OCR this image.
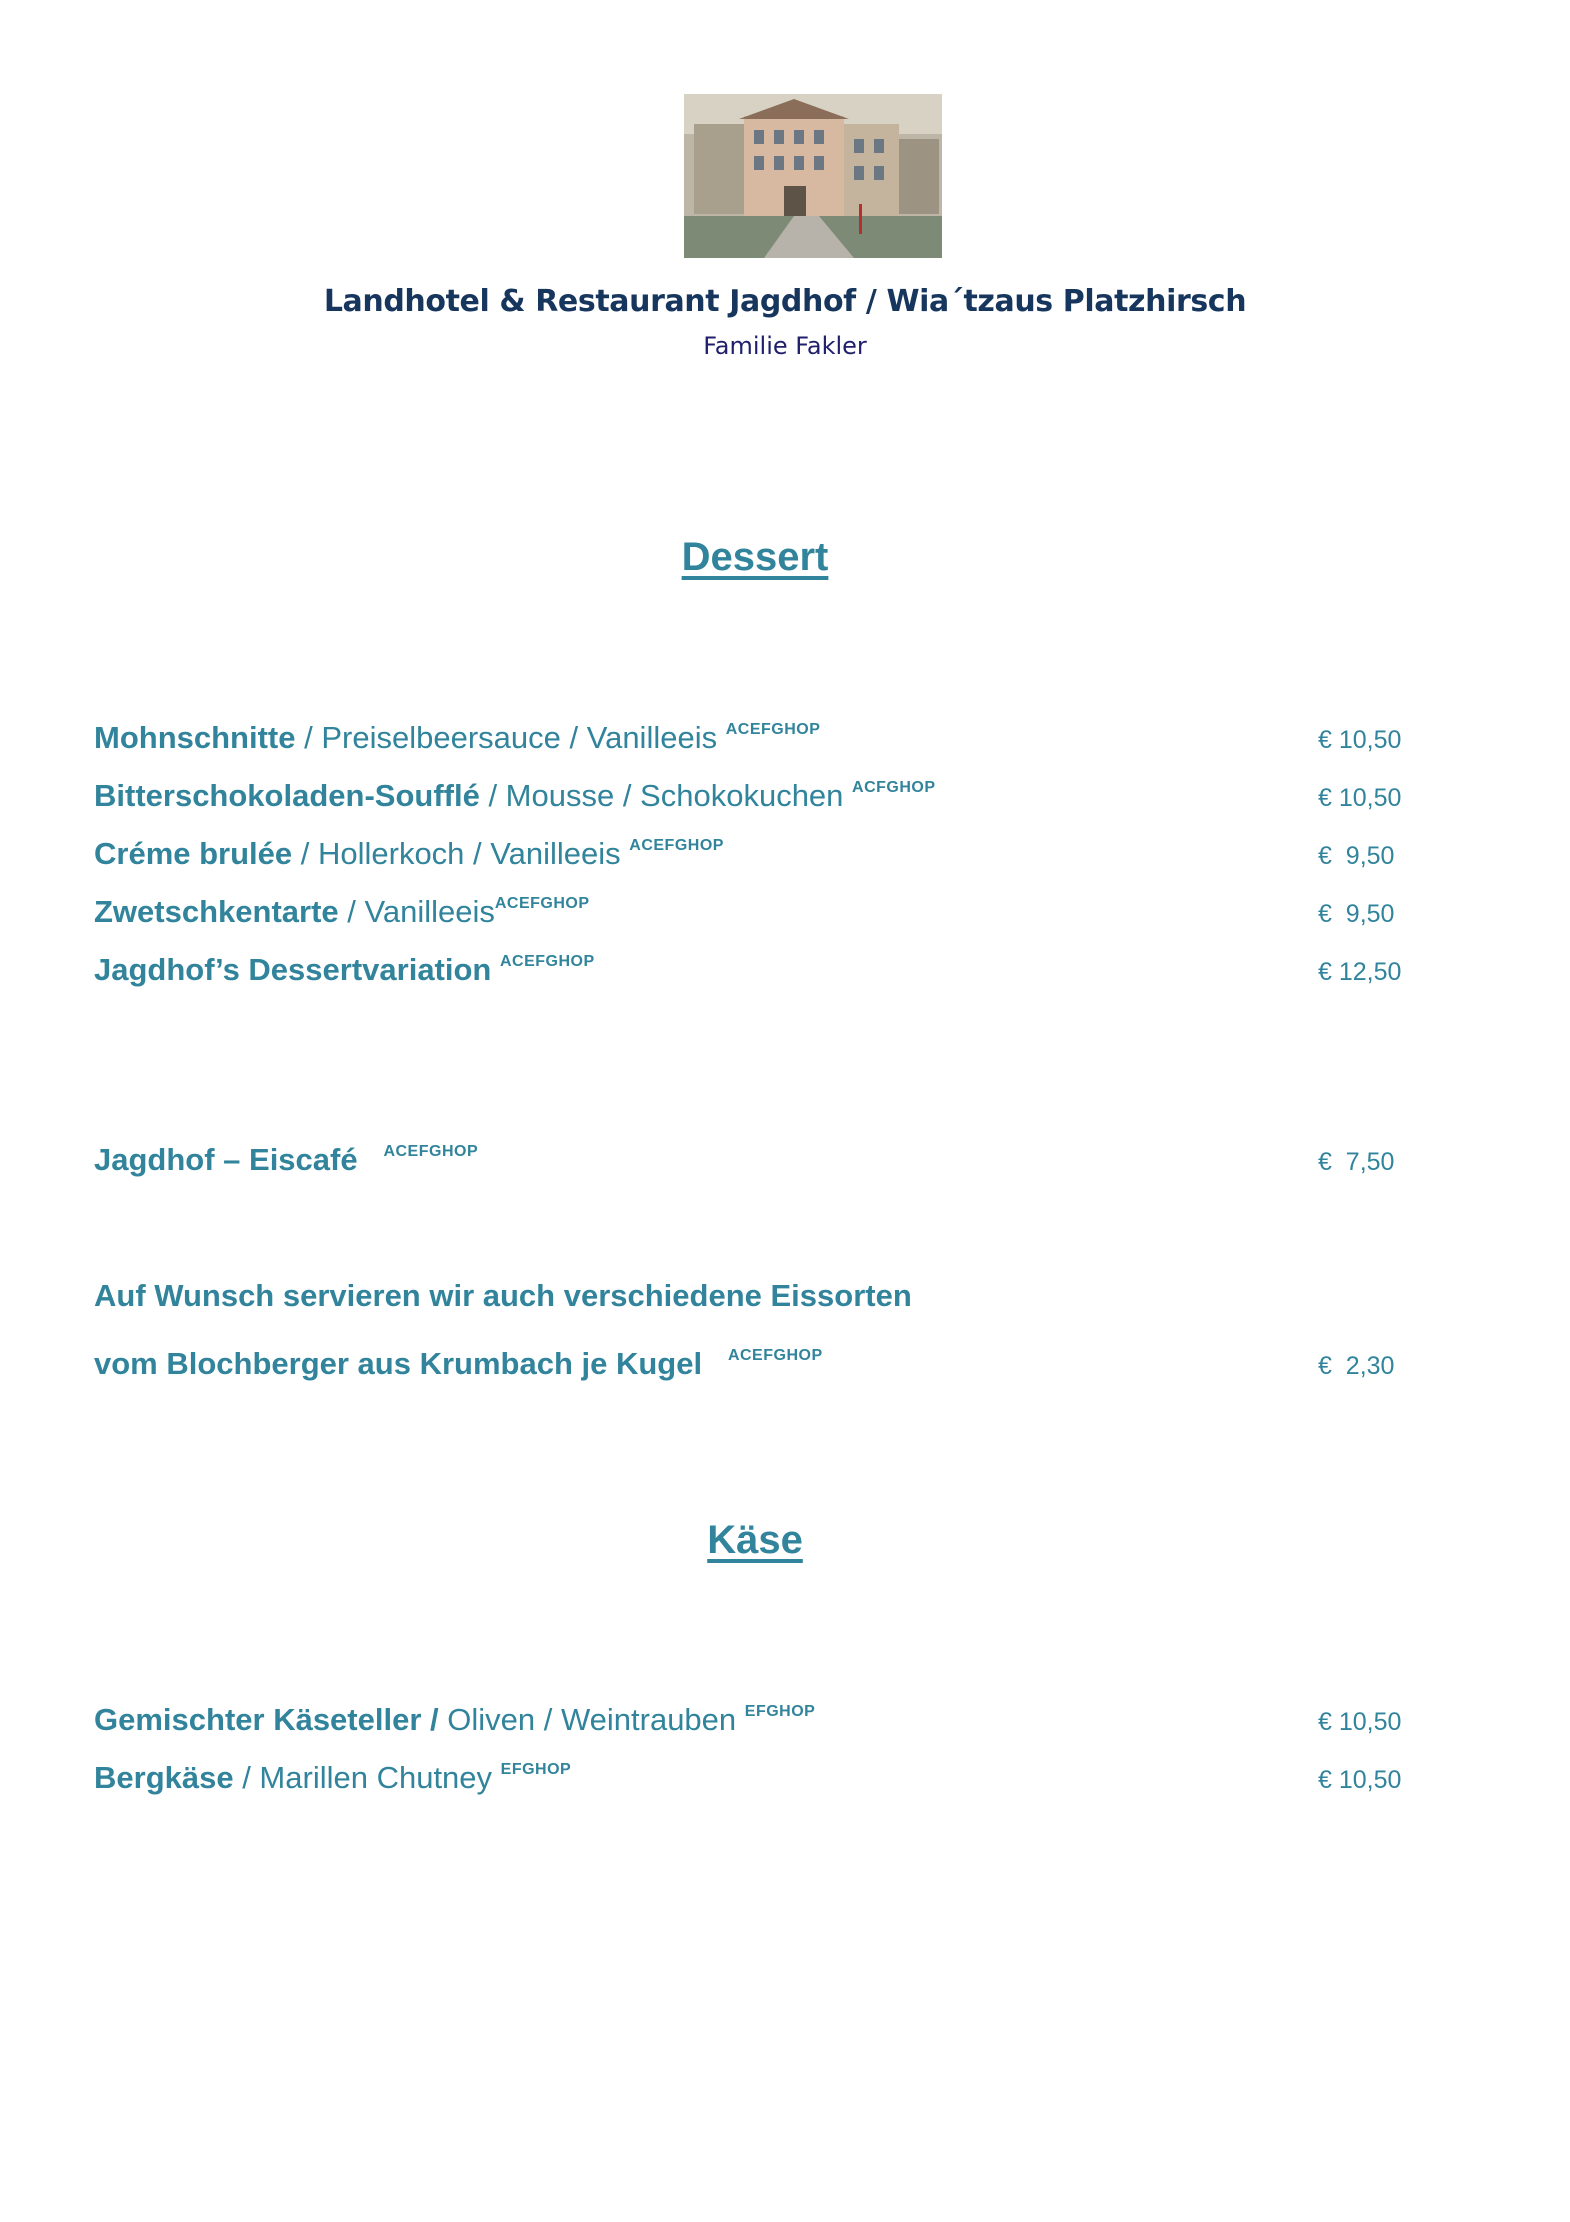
Landhotel & Restaurant Jagdhof / Wia´tzaus Platzhirsch
Familie Fakler
Dessert
Mohnschnitte / Preiselbeersauce / Vanilleeis $^{ACEFGHOP}$	€ 10,50
Bitterschokoladen-Soufflé / Mousse / Schokokuchen $^{ACFGHOP}$	€ 10,50
Créme brulée / Hollerkoch / Vanilleeis $^{ACEFGHOP}$	€  9,50
Zwetschkentarte / Vanilleeis$^{ACEFGHOP}$	€  9,50
Jagdhof’s Dessertvariation $^{ACEFGHOP}$	€ 12,50
Jagdhof – Eiscafé $^{ACEFGHOP}$	€  7,50
Auf Wunsch servieren wir auch verschiedene Eissorten
vom Blochberger aus Krumbach je Kugel $^{ACEFGHOP}$	€  2,30
Käse
Gemischter Käseteller / Oliven / Weintrauben $^{EFGHOP}$	€ 10,50
Bergkäse / Marillen Chutney $^{EFGHOP}$	€ 10,50
